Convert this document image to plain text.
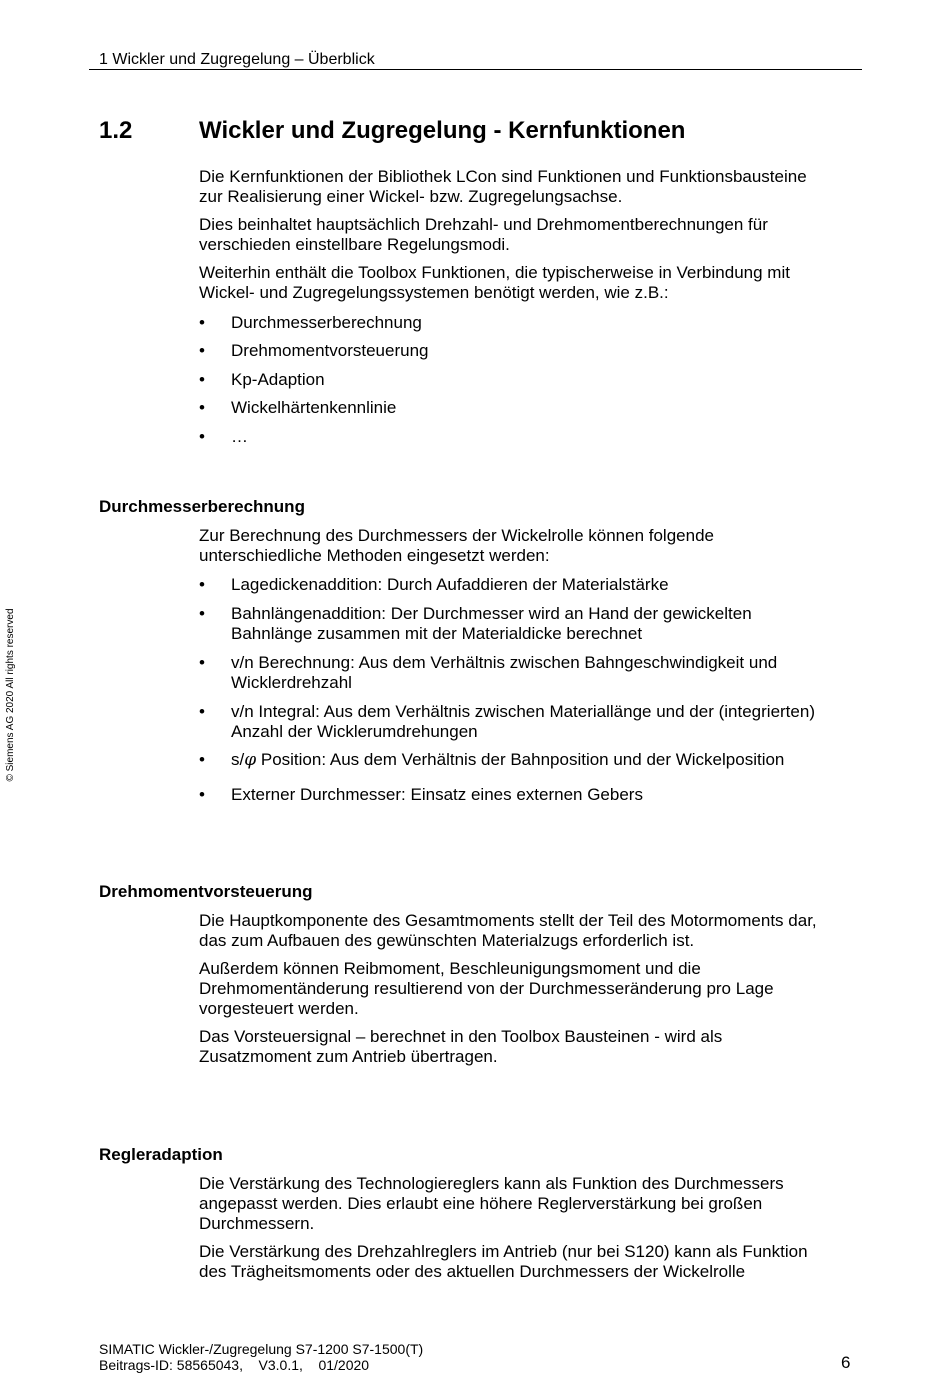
1 Wickler und Zugregelung – Überblick
© Siemens AG 2020 All rights reserved
1.2	Wickler und Zugregelung - Kernfunktionen

Die Kernfunktionen der Bibliothek LCon sind Funktionen und Funktionsbausteine
zur Realisierung einer Wickel- bzw. Zugregelungsachse.

Dies beinhaltet hauptsächlich Drehzahl- und Drehmomentberechnungen für
verschieden einstellbare Regelungsmodi.

Weiterhin enthält die Toolbox Funktionen, die typischerweise in Verbindung mit
Wickel- und Zugregelungssystemen benötigt werden, wie z.B.:

•	Durchmesserberechnung
•	Drehmomentvorsteuerung
•	Kp-Adaption
•	Wickelhärtenkennlinie
•	…
Durchmesserberechnung

Zur Berechnung des Durchmessers der Wickelrolle können folgende
unterschiedliche Methoden eingesetzt werden:

•	Lagedickenaddition: Durch Aufaddieren der Materialstärke
•	Bahnlängenaddition: Der Durchmesser wird an Hand der gewickelten
Bahnlänge zusammen mit der Materialdicke berechnet
•	v/n Berechnung: Aus dem Verhältnis zwischen Bahngeschwindigkeit und
Wicklerdrehzahl
•	v/n Integral: Aus dem Verhältnis zwischen Materiallänge und der (integrierten)
Anzahl der Wicklerumdrehungen
•	s/φ Position: Aus dem Verhältnis der Bahnposition und der Wickelposition
•	Externer Durchmesser: Einsatz eines externen Gebers
Drehmomentvorsteuerung

Die Hauptkomponente des Gesamtmoments stellt der Teil des Motormoments dar,
das zum Aufbauen des gewünschten Materialzugs erforderlich ist.

Außerdem können Reibmoment, Beschleunigungsmoment und die
Drehmomentänderung resultierend von der Durchmesseränderung pro Lage
vorgesteuert werden.

Das Vorsteuersignal – berechnet in den Toolbox Bausteinen - wird als
Zusatzmoment zum Antrieb übertragen.

Regleradaption

Die Verstärkung des Technologiereglers kann als Funktion des Durchmessers
angepasst werden. Dies erlaubt eine höhere Reglerverstärkung bei großen
Durchmessern.

Die Verstärkung des Drehzahlreglers im Antrieb (nur bei S120) kann als Funktion
des Trägheitsmoments oder des aktuellen Durchmessers der Wickelrolle

SIMATIC Wickler-/Zugregelung S7-1200 S7-1500(T)
Beitrags-ID: 58565043,    V3.0.1,    01/2020	6
